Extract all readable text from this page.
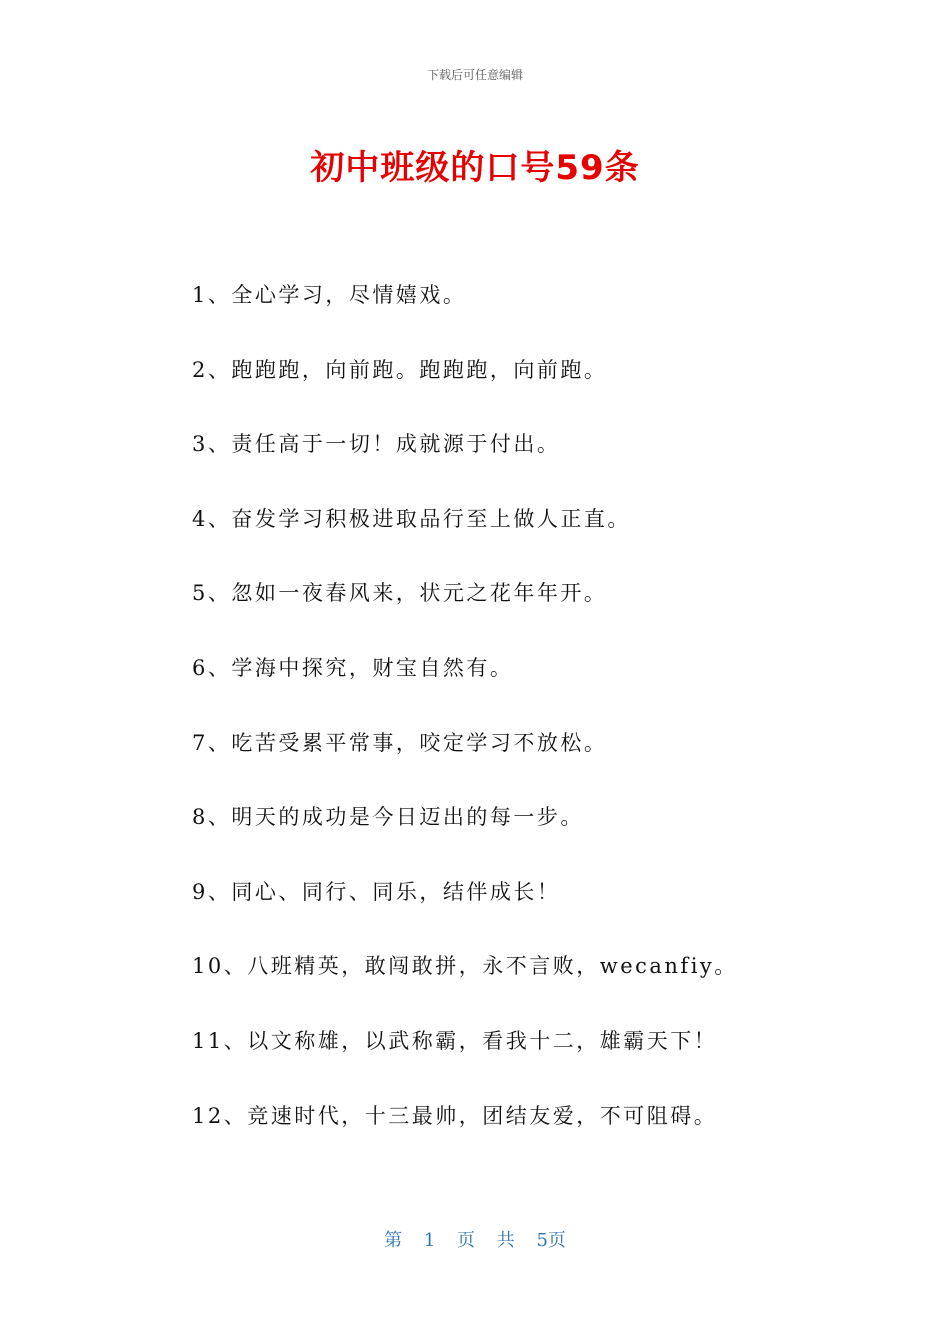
下载后可任意编辑
初中班级的口号59条
1、全心学习，尽情嬉戏。
2、跑跑跑，向前跑。跑跑跑，向前跑。
3、责任高于一切！成就源于付出。
4、奋发学习积极进取品行至上做人正直。
5、忽如一夜春风来，状元之花年年开。
6、学海中探究，财宝自然有。
7、吃苦受累平常事，咬定学习不放松。
8、明天的成功是今日迈出的每一步。
9、同心、同行、同乐，结伴成长！
10、八班精英，敢闯敢拼，永不言败，wecanfiy。
11、以文称雄，以武称霸，看我十二，雄霸天下！
12、竞速时代，十三最帅，团结友爱，不可阻碍。
第 1 页 共 5页
